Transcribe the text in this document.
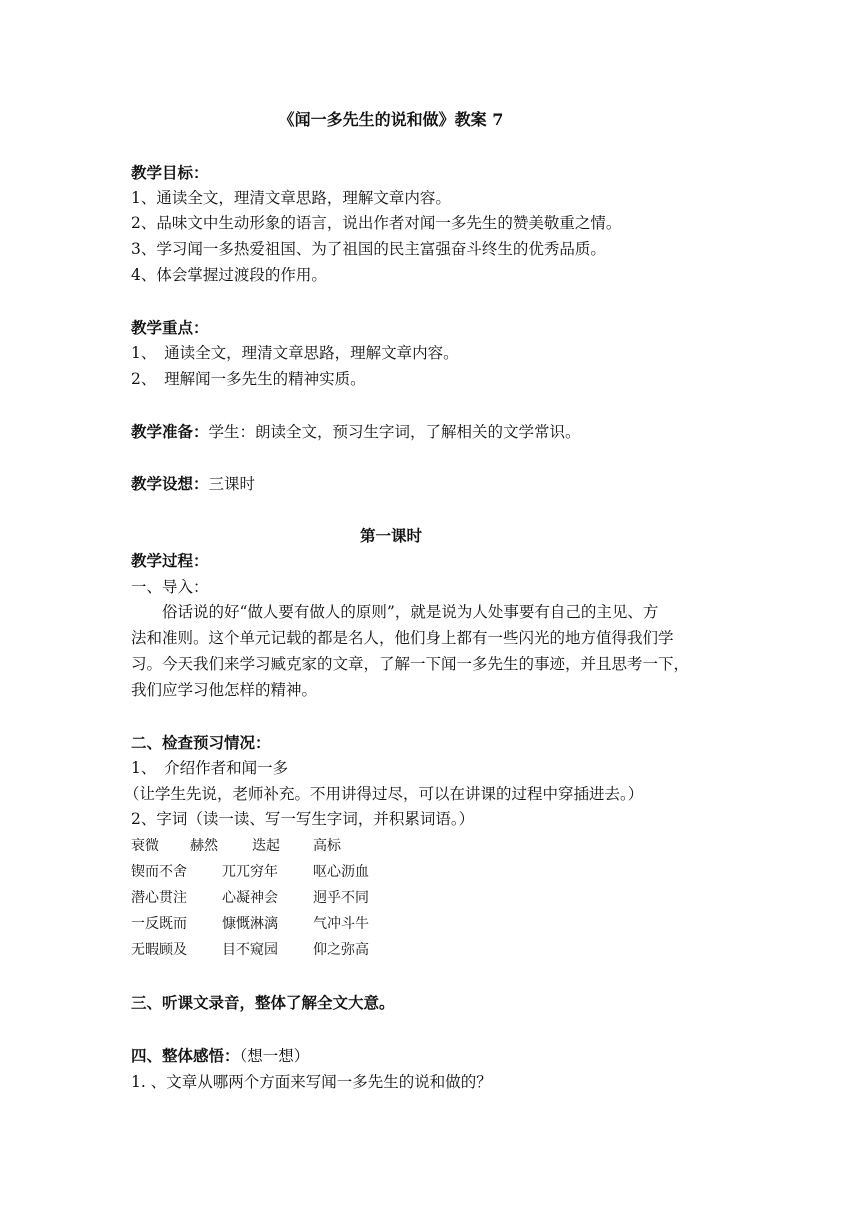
《闻一多先生的说和做》教案 7
教学目标：
1、通读全文，理清文章思路，理解文章内容。
2、品味文中生动形象的语言，说出作者对闻一多先生的赞美敬重之情。
3、学习闻一多热爱祖国、为了祖国的民主富强奋斗终生的优秀品质。
4、体会掌握过渡段的作用。
教学重点：
1、　通读全文，理清文章思路，理解文章内容。
2、　理解闻一多先生的精神实质。
教学准备：学生：朗读全文，预习生字词，了解相关的文学常识。
教学设想：三课时
第一课时
教学过程：
一、导入：
俗话说的好“做人要有做人的原则”，就是说为人处事要有自己的主见、方
法和准则。这个单元记载的都是名人，他们身上都有一些闪光的地方值得我们学
习。今天我们来学习臧克家的文章，了解一下闻一多先生的事迹，并且思考一下，
我们应学习他怎样的精神。
二、检查预习情况：
1、　介绍作者和闻一多
（让学生先说，老师补充。不用讲得过尽，可以在讲课的过程中穿插进去。）
2、字词（读一读、写一写生字词，并积累词语。）
衰微 赫然 迭起 高标
锲而不舍	兀兀穷年	呕心沥血
潜心贯注	心凝神会	迥乎不同
一反既而	慷慨淋漓	气冲斗牛
无暇顾及	目不窥园	仰之弥高
三、听课文录音，整体了解全文大意。
四、整体感悟：（想一想）
1. 、文章从哪两个方面来写闻一多先生的说和做的？
